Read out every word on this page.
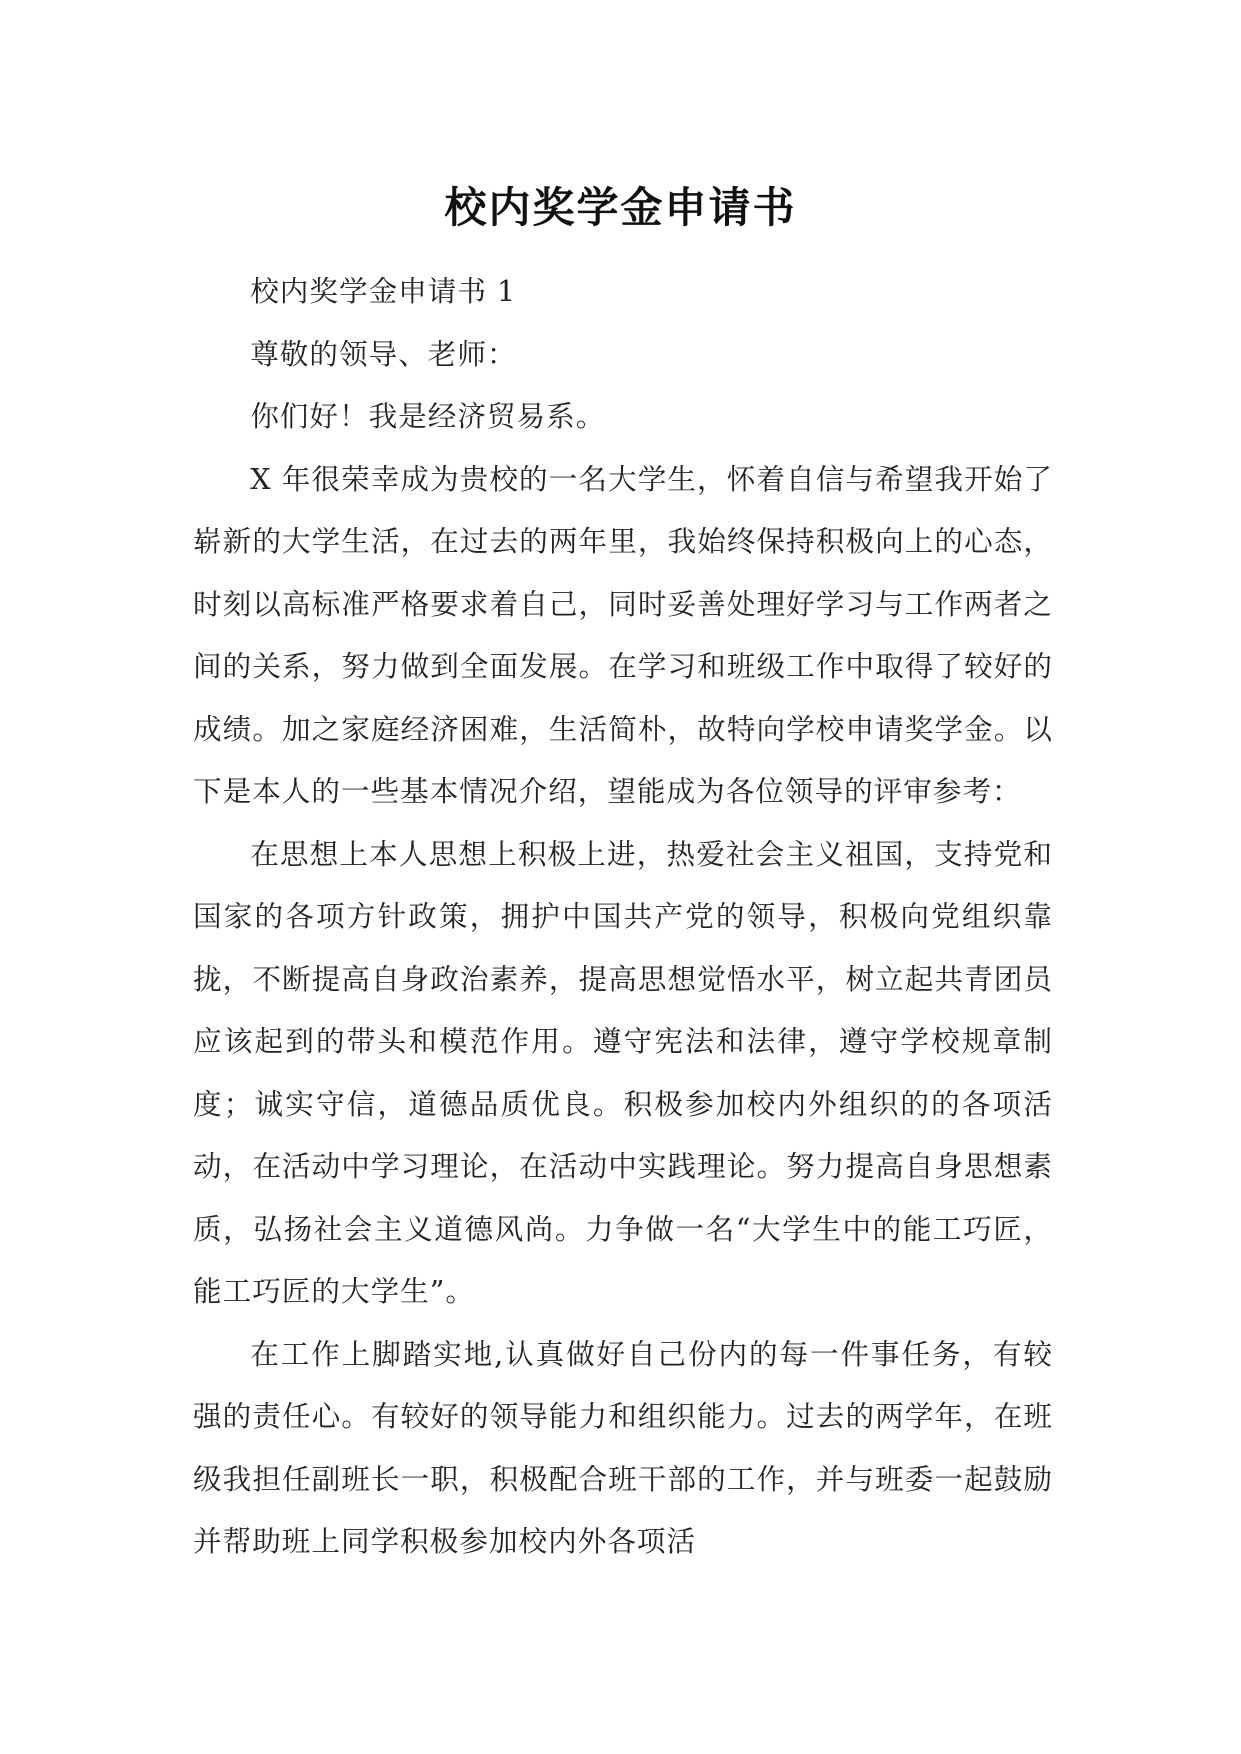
校内奖学金申请书

校内奖学金申请书 1

尊敬的领导、老师：

你们好！我是经济贸易系。

X 年很荣幸成为贵校的一名大学生，怀着自信与希望我开始了崭新的大学生活，在过去的两年里，我始终保持积极向上的心态，时刻以高标准严格要求着自己，同时妥善处理好学习与工作两者之间的关系，努力做到全面发展。在学习和班级工作中取得了较好的成绩。加之家庭经济困难，生活简朴，故特向学校申请奖学金。以下是本人的一些基本情况介绍，望能成为各位领导的评审参考：

在思想上本人思想上积极上进，热爱社会主义祖国，支持党和国家的各项方针政策，拥护中国共产党的领导，积极向党组织靠拢，不断提高自身政治素养，提高思想觉悟水平，树立起共青团员应该起到的带头和模范作用。遵守宪法和法律，遵守学校规章制度；诚实守信，道德品质优良。积极参加校内外组织的的各项活动，在活动中学习理论，在活动中实践理论。努力提高自身思想素质，弘扬社会主义道德风尚。力争做一名“大学生中的能工巧匠，能工巧匠的大学生”。

在工作上脚踏实地,认真做好自己份内的每一件事任务，有较强的责任心。有较好的领导能力和组织能力。过去的两学年，在班级我担任副班长一职，积极配合班干部的工作，并与班委一起鼓励并帮助班上同学积极参加校内外各项活
